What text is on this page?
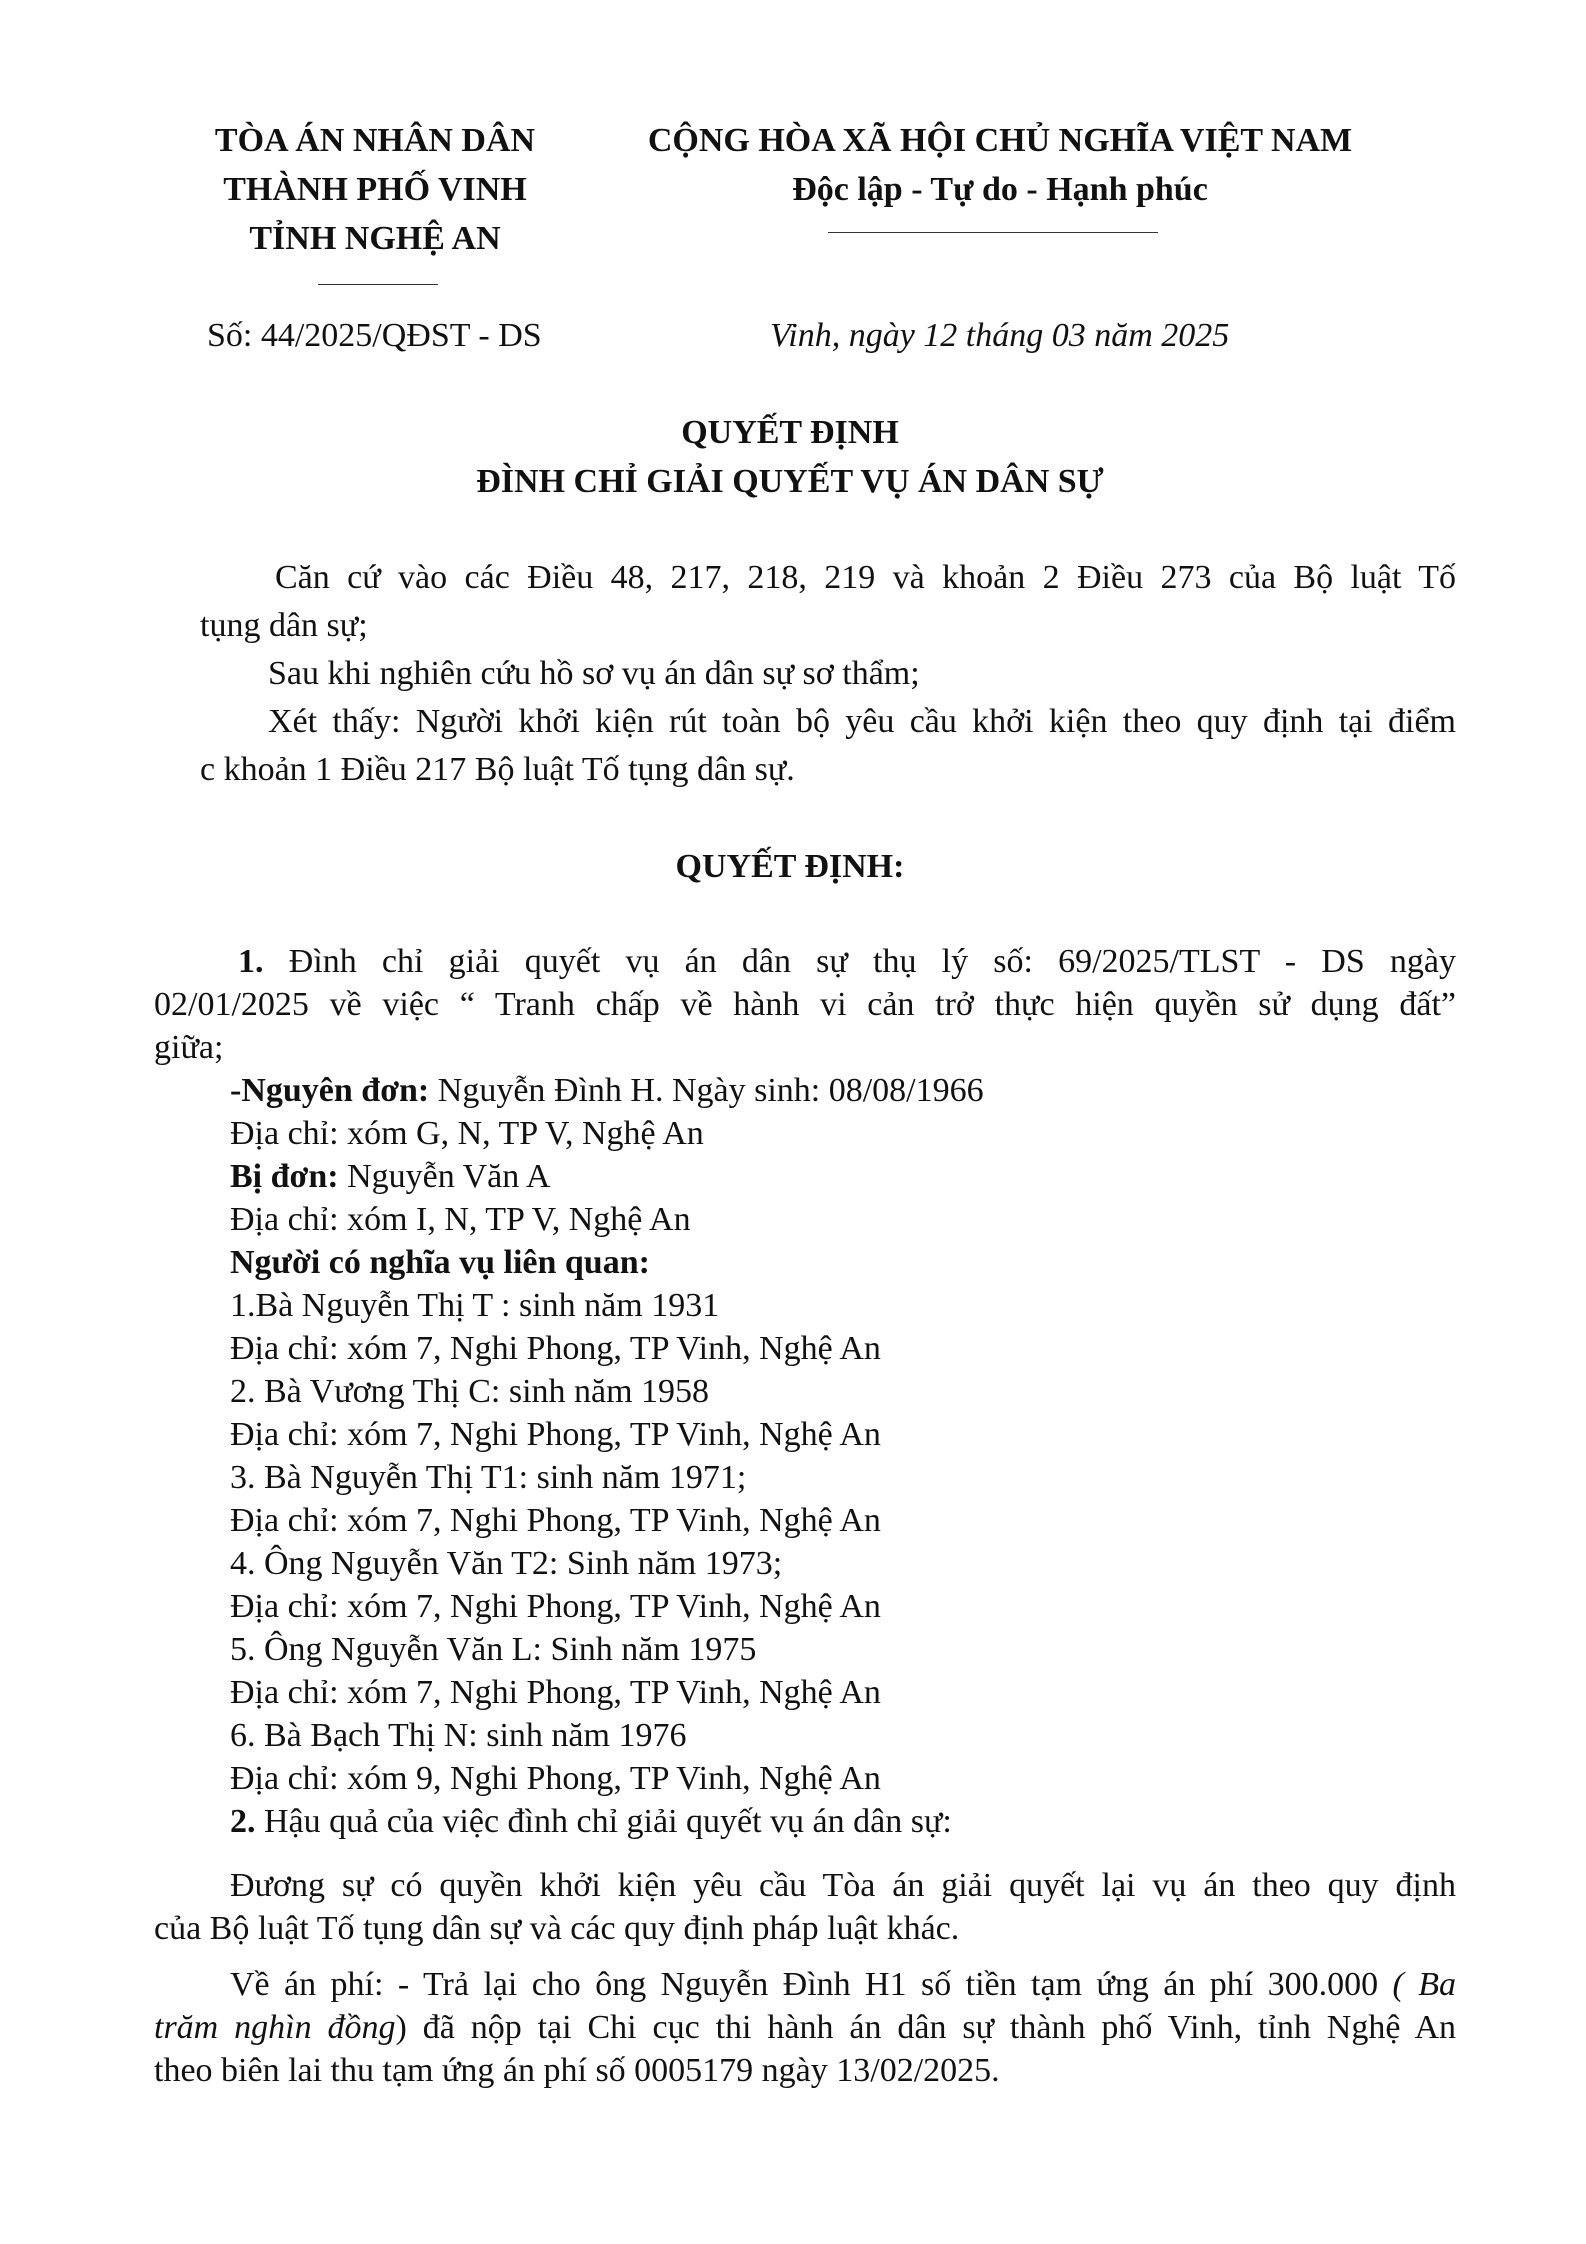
TÒA ÁN NHÂN DÂN
THÀNH PHỐ VINH
TỈNH NGHỆ AN
CỘNG HÒA XÃ HỘI CHỦ NGHĨA VIỆT NAM
Độc lập - Tự do - Hạnh phúc
Số: 44/2025/QĐST - DS	Vinh, ngày 12 tháng 03 năm 2025
QUYẾT ĐỊNH
ĐÌNH CHỈ GIẢI QUYẾT VỤ ÁN DÂN SỰ
Căn cứ vào các Điều 48, 217, 218, 219 và khoản 2 Điều 273 của Bộ luật Tố
tụng dân sự;
Sau khi nghiên cứu hồ sơ vụ án dân sự sơ thẩm;
Xét thấy: Người khởi kiện rút toàn bộ yêu cầu khởi kiện theo quy định tại điểm
c khoản 1 Điều 217 Bộ luật Tố tụng dân sự.
QUYẾT ĐỊNH:
1. Đình chỉ giải quyết vụ án dân sự thụ lý số: 69/2025/TLST - DS ngày
02/01/2025 về việc “ Tranh chấp về hành vi cản trở thực hiện quyền sử dụng đất”
giữa;
-Nguyên đơn: Nguyễn Đình H. Ngày sinh: 08/08/1966
Địa chỉ: xóm G, N, TP V, Nghệ An
Bị đơn: Nguyễn Văn A
Địa chỉ: xóm I, N, TP V, Nghệ An
Người có nghĩa vụ liên quan:
1.Bà Nguyễn Thị T : sinh năm 1931
Địa chỉ: xóm 7, Nghi Phong, TP Vinh, Nghệ An
2. Bà Vương Thị C: sinh năm 1958
Địa chỉ: xóm 7, Nghi Phong, TP Vinh, Nghệ An
3. Bà Nguyễn Thị T1: sinh năm 1971;
Địa chỉ: xóm 7, Nghi Phong, TP Vinh, Nghệ An
4. Ông Nguyễn Văn T2: Sinh năm 1973;
Địa chỉ: xóm 7, Nghi Phong, TP Vinh, Nghệ An
5. Ông Nguyễn Văn L: Sinh năm 1975
Địa chỉ: xóm 7, Nghi Phong, TP Vinh, Nghệ An
6. Bà Bạch Thị N: sinh năm 1976
Địa chỉ: xóm 9, Nghi Phong, TP Vinh, Nghệ An
2. Hậu quả của việc đình chỉ giải quyết vụ án dân sự:
Đương sự có quyền khởi kiện yêu cầu Tòa án giải quyết lại vụ án theo quy định
của Bộ luật Tố tụng dân sự và các quy định pháp luật khác.
Về án phí: - Trả lại cho ông Nguyễn Đình H1 số tiền tạm ứng án phí 300.000 ( Ba
trăm nghìn đồng) đã nộp tại Chi cục thi hành án dân sự thành phố Vinh, tỉnh Nghệ An
theo biên lai thu tạm ứng án phí số 0005179 ngày 13/02/2025.
